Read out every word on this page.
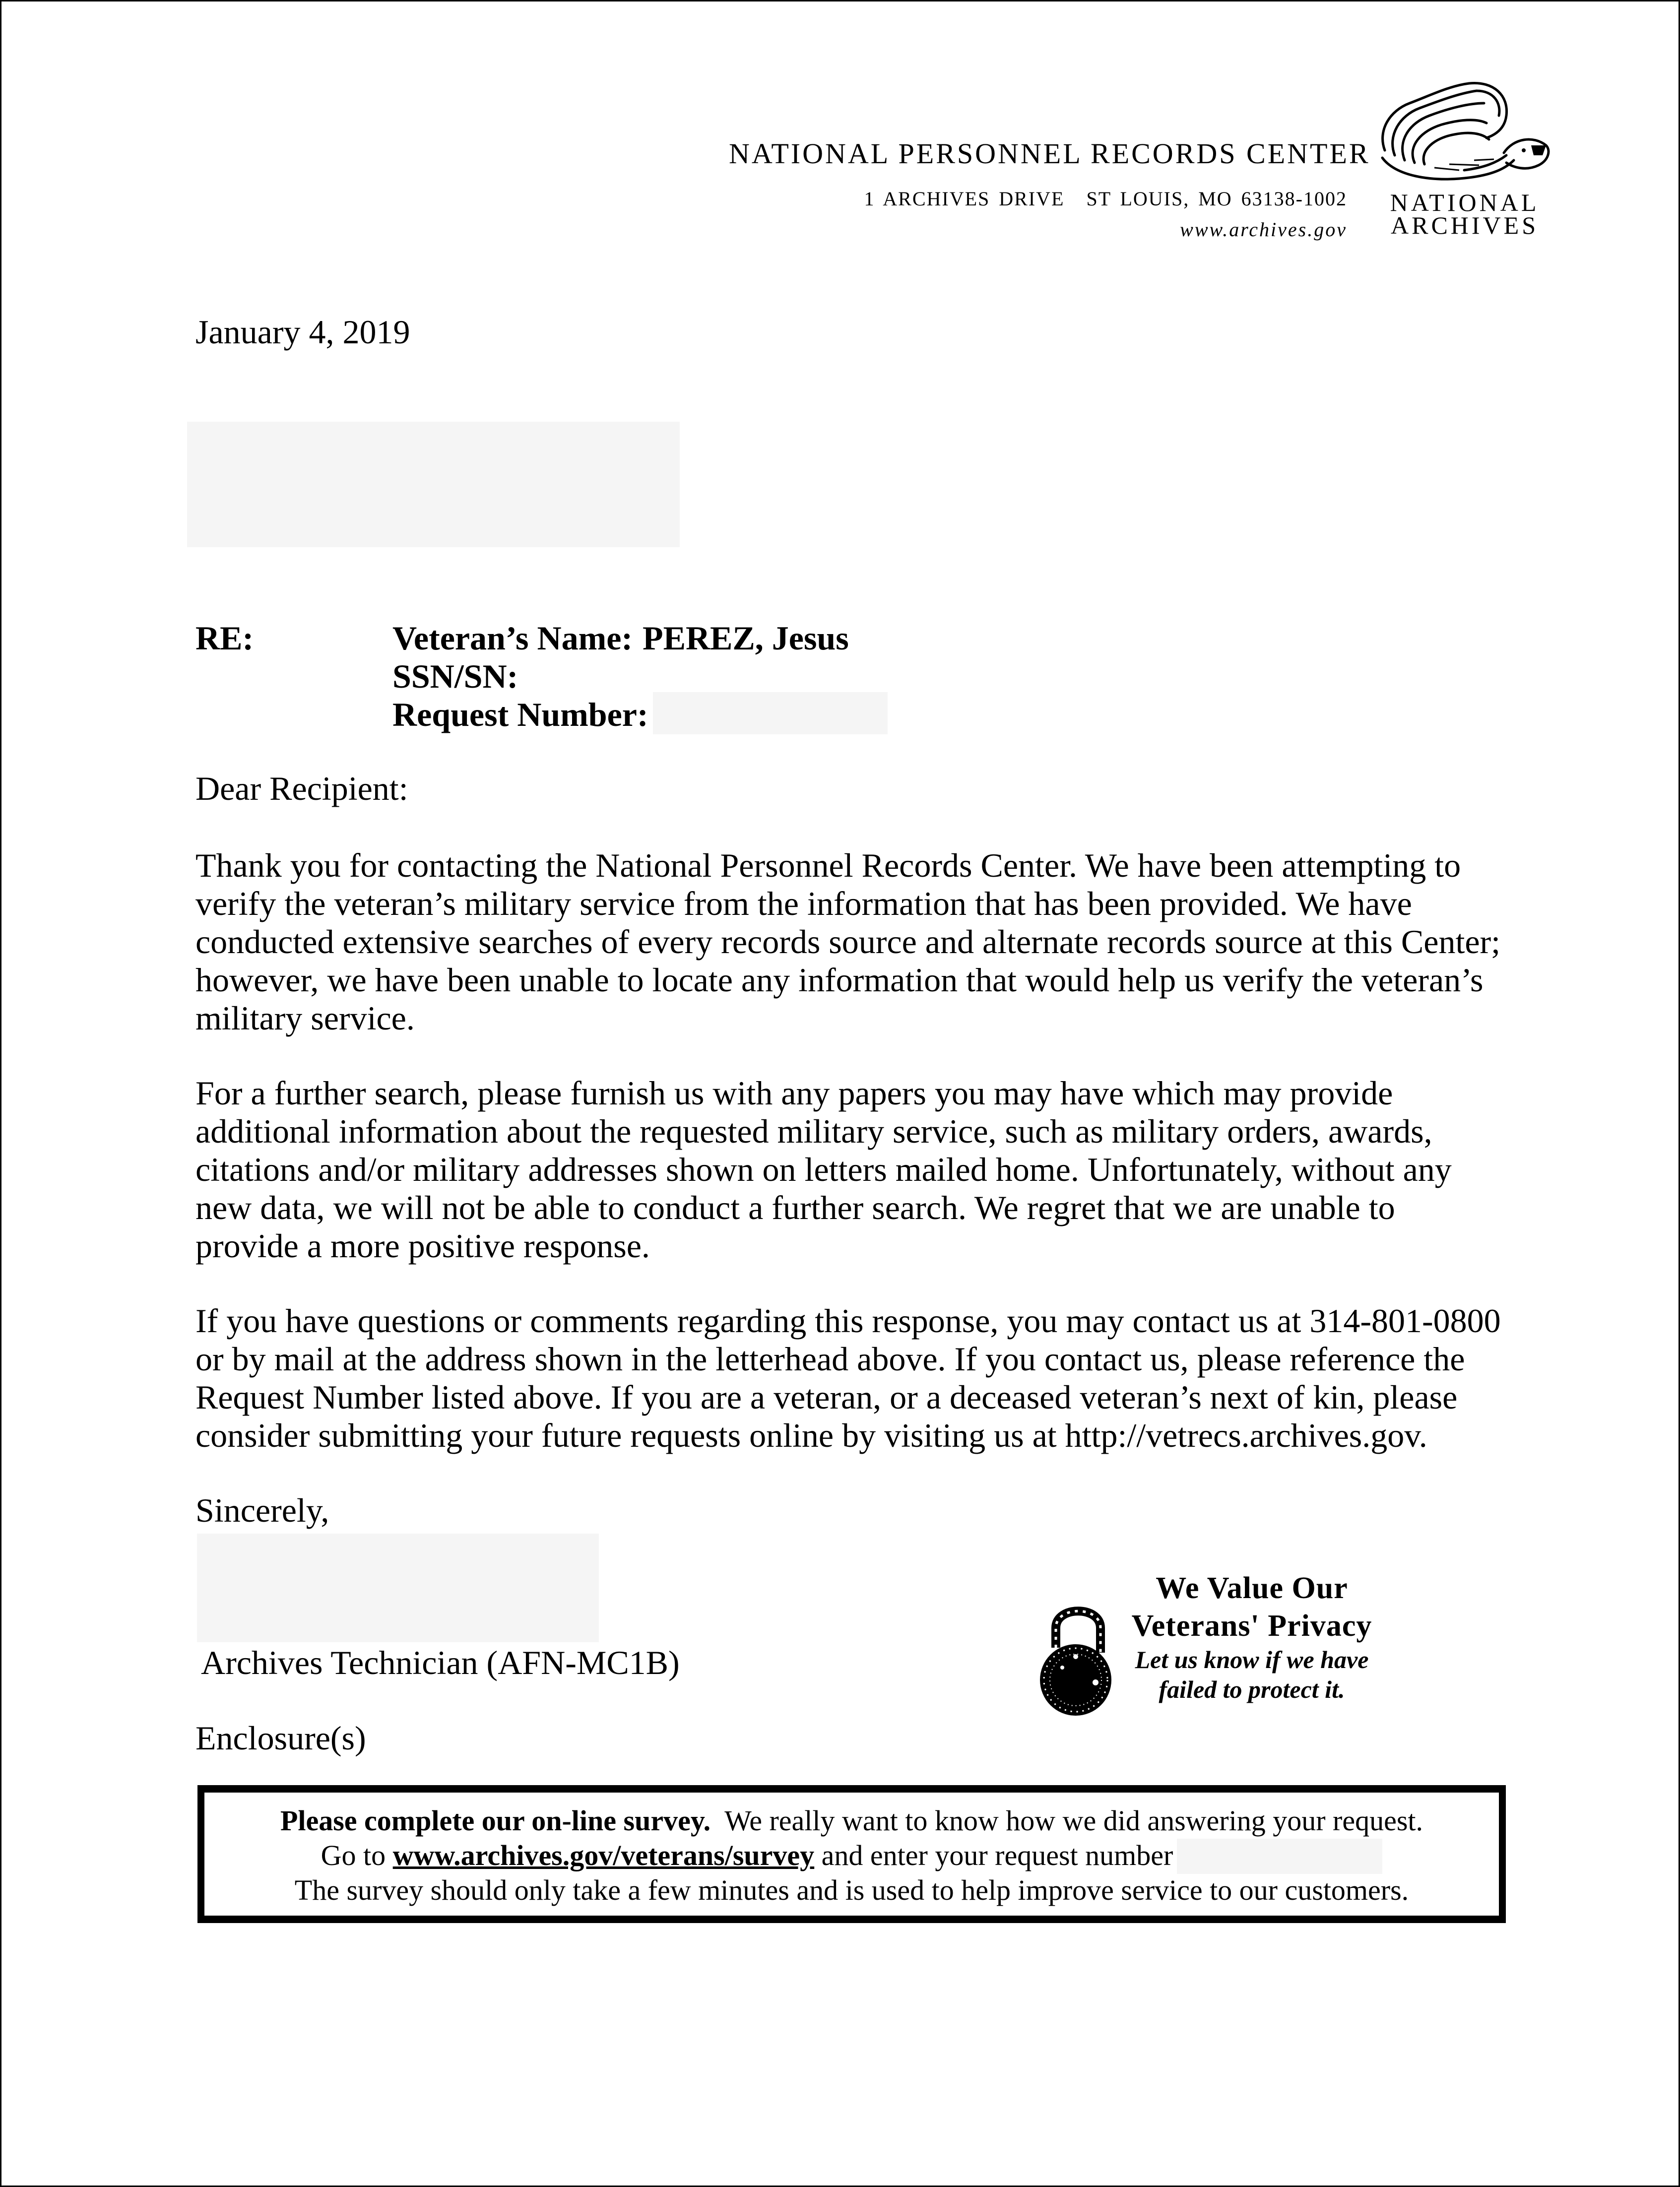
NATIONAL PERSONNEL RECORDS CENTER
1 ARCHIVES DRIVE ST LOUIS, MO 63138-1002
www.archives.gov
NATIONAL
ARCHIVES
January 4, 2019
RE:	Veteran’s Name: PEREZ, Jesus
SSN/SN:
Request Number:
Dear Recipient:
Thank you for contacting the National Personnel Records Center. We have been attempting to
verify the veteran’s military service from the information that has been provided. We have
conducted extensive searches of every records source and alternate records source at this Center;
however, we have been unable to locate any information that would help us verify the veteran’s
military service.
For a further search, please furnish us with any papers you may have which may provide
additional information about the requested military service, such as military orders, awards,
citations and/or military addresses shown on letters mailed home. Unfortunately, without any
new data, we will not be able to conduct a further search. We regret that we are unable to
provide a more positive response.
If you have questions or comments regarding this response, you may contact us at 314-801-0800
or by mail at the address shown in the letterhead above. If you contact us, please reference the
Request Number listed above. If you are a veteran, or a deceased veteran’s next of kin, please
consider submitting your future requests online by visiting us at http://vetrecs.archives.gov.
Sincerely,
Archives Technician (AFN-MC1B)
Enclosure(s)
We Value Our
Veterans' Privacy
Let us know if we have
failed to protect it.
Please complete our on-line survey.  We really want to know how we did answering your request.
Go to www.archives.gov/veterans/survey and enter your request number
The survey should only take a few minutes and is used to help improve service to our customers.
